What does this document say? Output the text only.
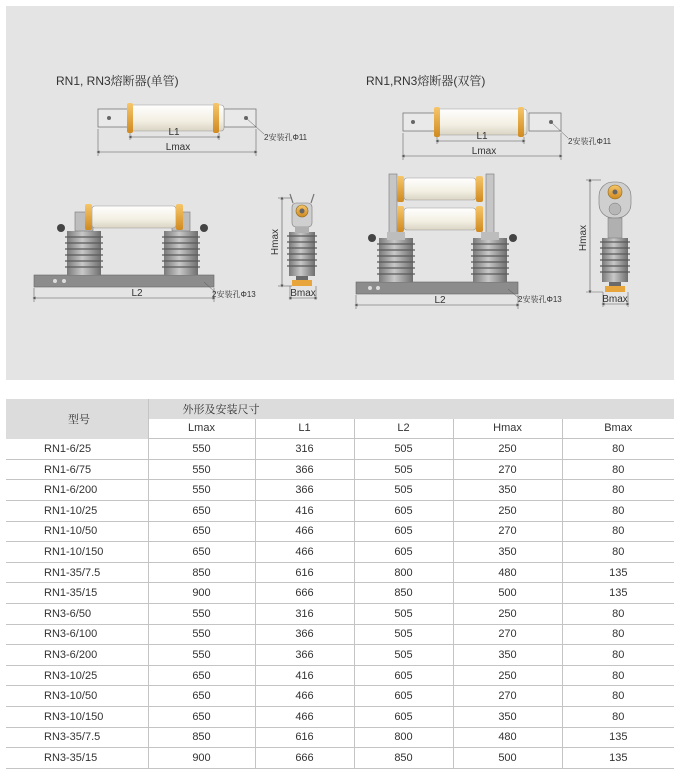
RN1, RN3熔断器(单管)	RN1,RN3熔断器(双管)
L1
Lmax
2安装孔Φ11
L2	2安装孔Φ13
Hmax
Bmax
L1
Lmax
2安装孔Φ11
L2	2安装孔Φ13
Hmax
Bmax
型号	外形及安装尺寸				
	Lmax	L1	L2	Hmax	Bmax
RN1-6/25	550	316	505	250	80
RN1-6/75	550	366	505	270	80
RN1-6/200	550	366	505	350	80
RN1-10/25	650	416	605	250	80
RN1-10/50	650	466	605	270	80
RN1-10/150	650	466	605	350	80
RN1-35/7.5	850	616	800	480	135
RN1-35/15	900	666	850	500	135
RN3-6/50	550	316	505	250	80
RN3-6/100	550	366	505	270	80
RN3-6/200	550	366	505	350	80
RN3-10/25	650	416	605	250	80
RN3-10/50	650	466	605	270	80
RN3-10/150	650	466	605	350	80
RN3-35/7.5	850	616	800	480	135
RN3-35/15	900	666	850	500	135
